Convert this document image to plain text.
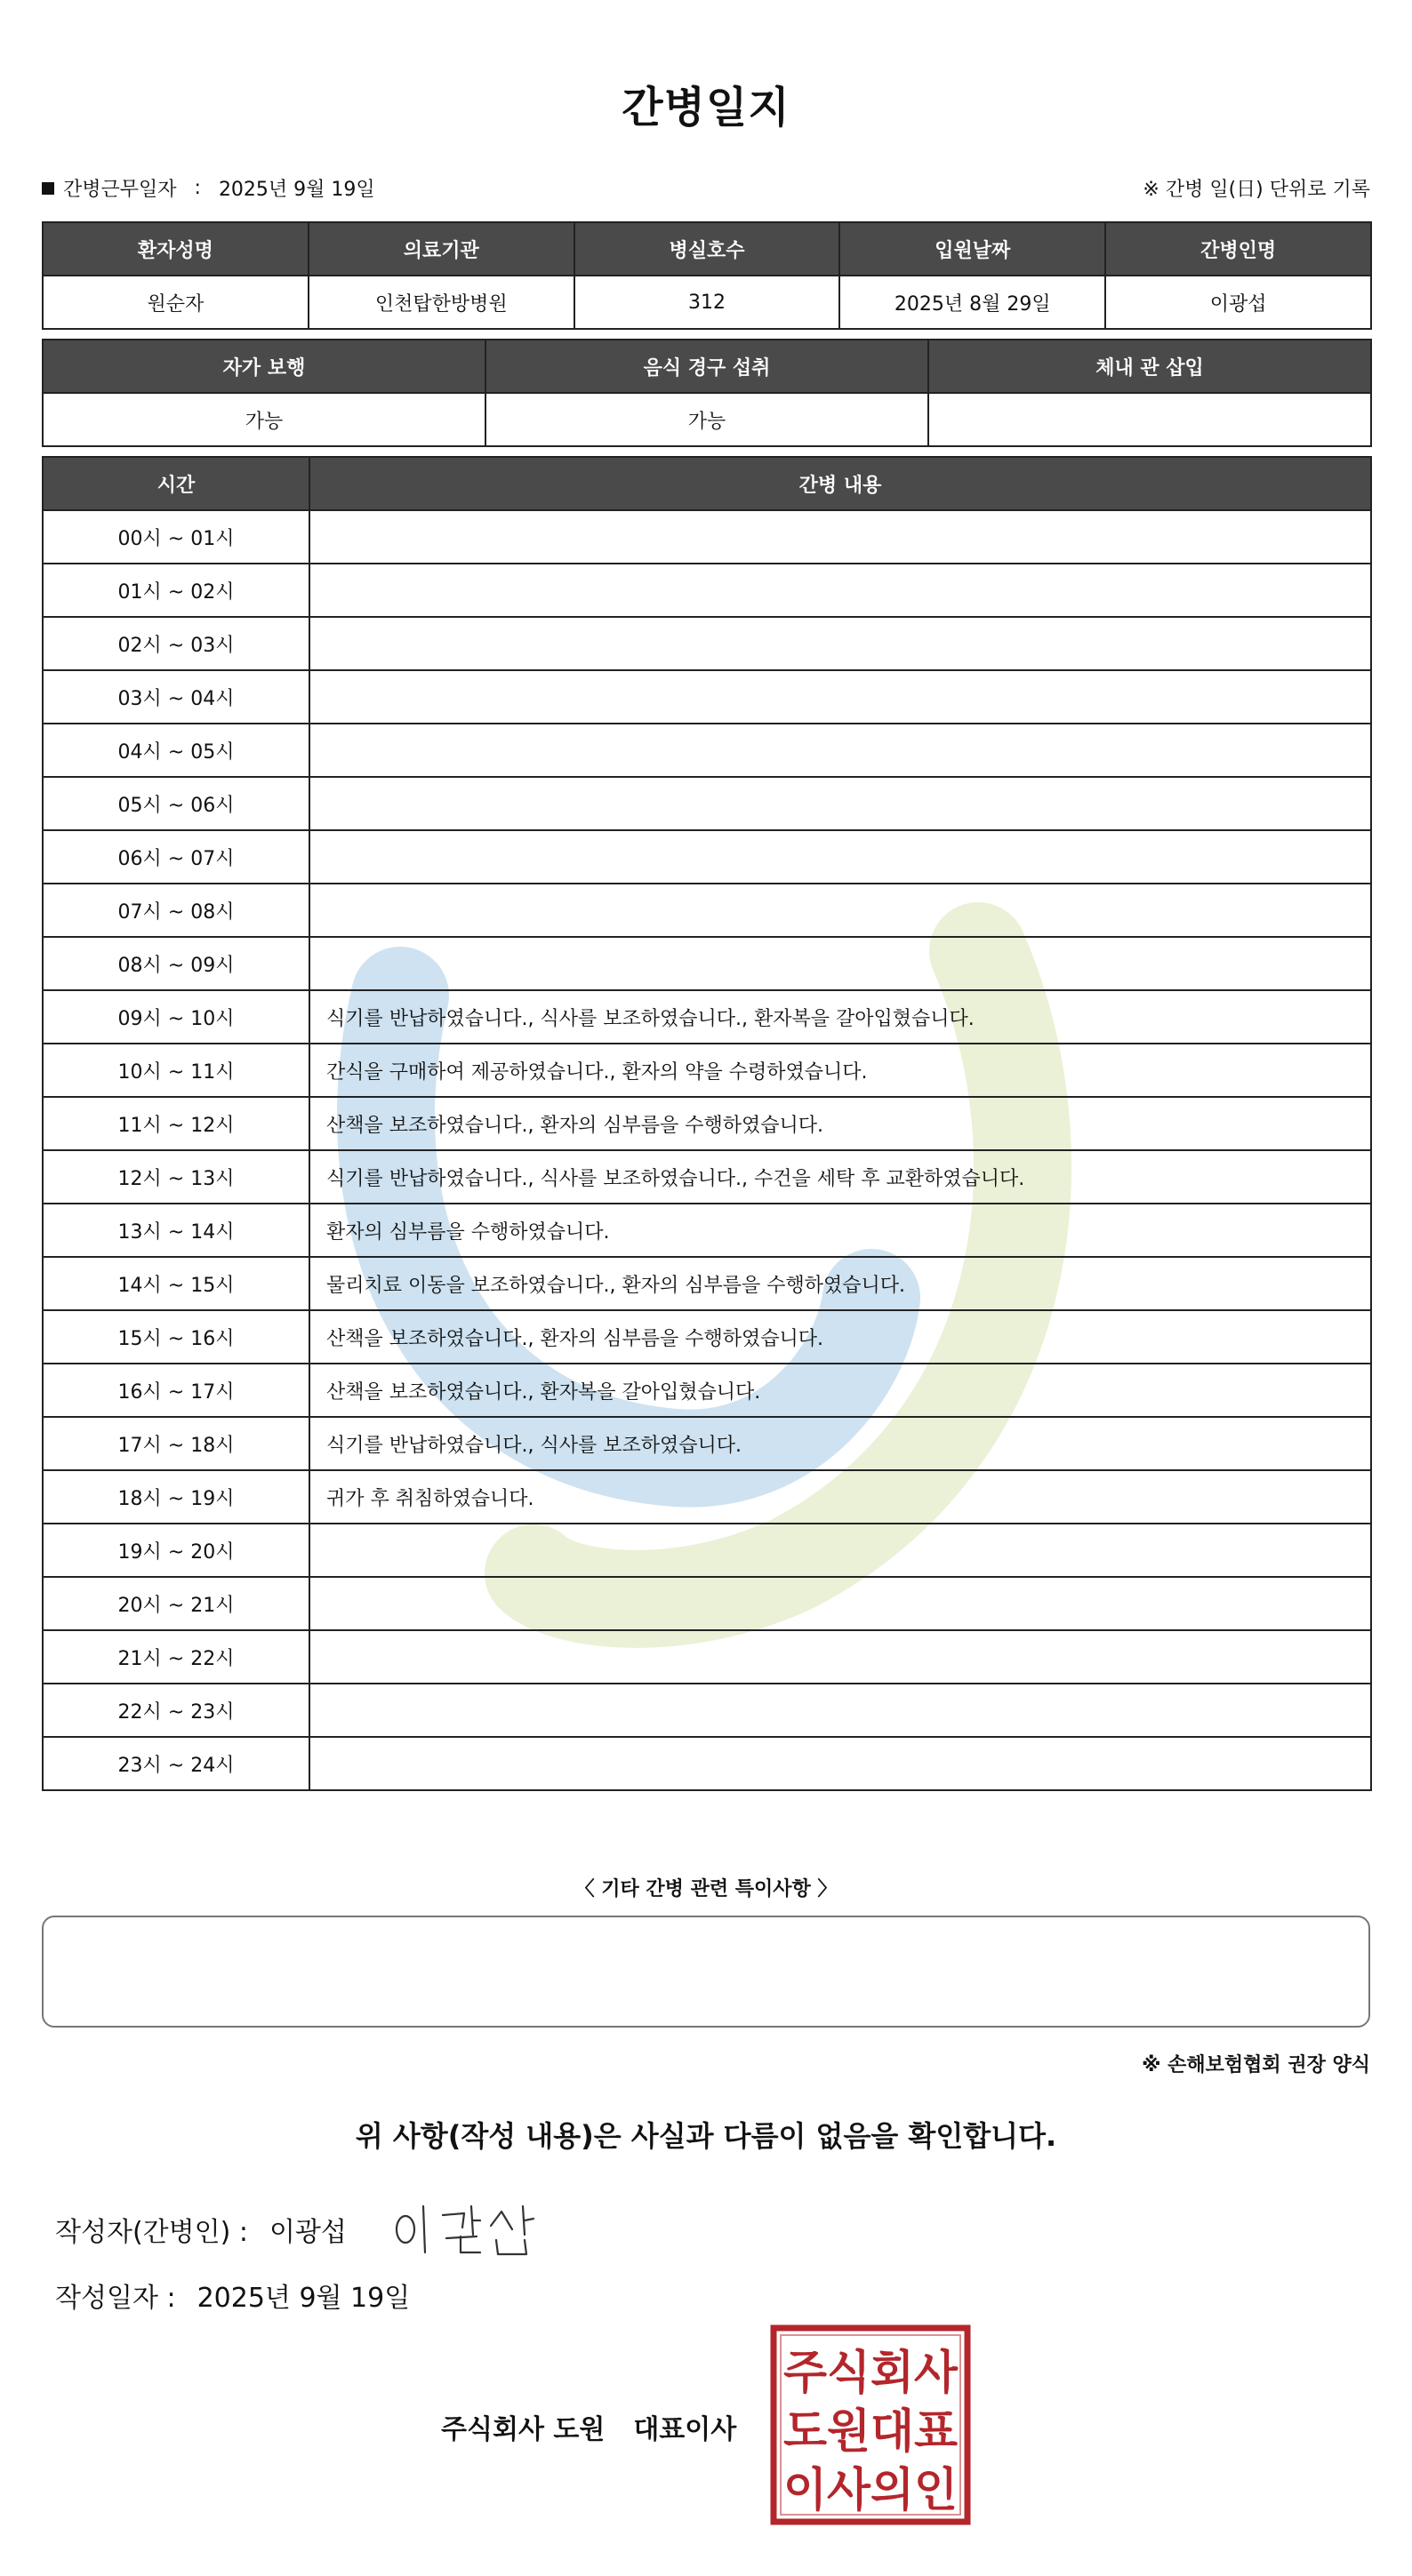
간병일지
간병근무일자 : 2025년 9월 19일	※ 간병 일(日) 단위로 기록
환자성명	의료기관	병실호수	입원날짜	간병인명
원순자	인천탑한방병원	312	2025년 8월 29일	이광섭
자가 보행	음식 경구 섭취	체내 관 삽입
가능	가능	
시간	간병 내용
00시 ~ 01시	
01시 ~ 02시	
02시 ~ 03시	
03시 ~ 04시	
04시 ~ 05시	
05시 ~ 06시	
06시 ~ 07시	
07시 ~ 08시	
08시 ~ 09시	
09시 ~ 10시	식기를 반납하였습니다., 식사를 보조하였습니다., 환자복을 갈아입혔습니다.
10시 ~ 11시	간식을 구매하여 제공하였습니다., 환자의 약을 수령하였습니다.
11시 ~ 12시	산책을 보조하였습니다., 환자의 심부름을 수행하였습니다.
12시 ~ 13시	식기를 반납하였습니다., 식사를 보조하였습니다., 수건을 세탁 후 교환하였습니다.
13시 ~ 14시	환자의 심부름을 수행하였습니다.
14시 ~ 15시	물리치료 이동을 보조하였습니다., 환자의 심부름을 수행하였습니다.
15시 ~ 16시	산책을 보조하였습니다., 환자의 심부름을 수행하였습니다.
16시 ~ 17시	산책을 보조하였습니다., 환자복을 갈아입혔습니다.
17시 ~ 18시	식기를 반납하였습니다., 식사를 보조하였습니다.
18시 ~ 19시	귀가 후 취침하였습니다.
19시 ~ 20시	
20시 ~ 21시	
21시 ~ 22시	
22시 ~ 23시	
23시 ~ 24시	
〈 기타 간병 관련 특이사항 〉
※ 손해보험협회 권장 양식
위 사항(작성 내용)은 사실과 다름이 없음을 확인합니다.
작성자(간병인) : 이광섭
작성일자 : 2025년 9월 19일
주식회사 도원 대표이사
주식회사
도원대표
이사의인
